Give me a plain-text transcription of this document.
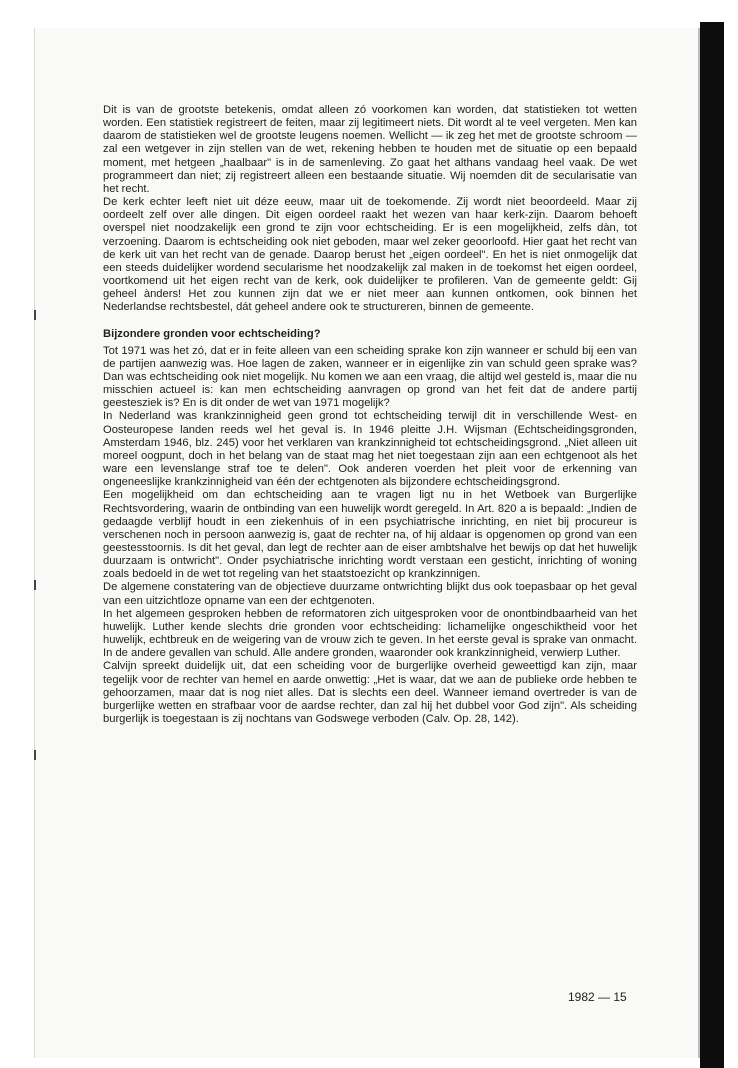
Dit is van de grootste betekenis, omdat alleen zó voorkomen kan worden, dat statistieken tot wetten worden. Een statistiek registreert de feiten, maar zij legitimeert niets. Dit wordt al te veel vergeten. Men kan daarom de statistieken wel de grootste leugens noemen. Wellicht — ik zeg het met de grootste schroom — zal een wetgever in zijn stellen van de wet, rekening hebben te houden met de situatie op een bepaald moment, met hetgeen „haalbaar" is in de samenleving. Zo gaat het althans vandaag heel vaak. De wet programmeert dan niet; zij registreert alleen een bestaande situatie. Wij noemden dit de secularisatie van het recht.

De kerk echter leeft niet uit déze eeuw, maar uit de toekomende. Zij wordt niet beoordeeld. Maar zij oordeelt zelf over alle dingen. Dit eigen oordeel raakt het wezen van haar kerk-zijn. Daarom behoeft overspel niet noodzakelijk een grond te zijn voor echtscheiding. Er is een mogelijkheid, zelfs dàn, tot verzoening. Daarom is echtscheiding ook niet geboden, maar wel zeker geoorloofd. Hier gaat het recht van de kerk uit van het recht van de genade. Daarop berust het „eigen oordeel". En het is niet onmogelijk dat een steeds duidelijker wordend secularisme het noodzakelijk zal maken in de toekomst het eigen oordeel, voortkomend uit het eigen recht van de kerk, ook duidelijker te profileren. Van de gemeente geldt: Gij geheel ànders! Het zou kunnen zijn dat we er niet meer aan kunnen ontkomen, ook binnen het Nederlandse rechtsbestel, dát geheel andere ook te structureren, binnen de gemeente.

Bijzondere gronden voor echtscheiding?

Tot 1971 was het zó, dat er in feite alleen van een scheiding sprake kon zijn wanneer er schuld bij een van de partijen aanwezig was. Hoe lagen de zaken, wanneer er in eigenlijke zin van schuld geen sprake was? Dan was echtscheiding ook niet mogelijk. Nu komen we aan een vraag, die altijd wel gesteld is, maar die nu misschien actueel is: kan men echtscheiding aanvragen op grond van het feit dat de andere partij geestesziek is? En is dit onder de wet van 1971 mogelijk?

In Nederland was krankzinnigheid geen grond tot echtscheiding terwijl dit in verschillende West- en Oosteuropese landen reeds wel het geval is. In 1946 pleitte J.H. Wijsman (Echtscheidingsgronden, Amsterdam 1946, blz. 245) voor het verklaren van krankzinnigheid tot echtscheidingsgrond. „Niet alleen uit moreel oogpunt, doch in het belang van de staat mag het niet toegestaan zijn aan een echtgenoot als het ware een levenslange straf toe te delen". Ook anderen voerden het pleit voor de erkenning van ongeneeslijke krankzinnigheid van één der echtgenoten als bijzondere echtscheidingsgrond.

Een mogelijkheid om dan echtscheiding aan te vragen ligt nu in het Wetboek van Burgerlijke Rechtsvordering, waarin de ontbinding van een huwelijk wordt geregeld. In Art. 820 a is bepaald: „Indien de gedaagde verblijf houdt in een ziekenhuis of in een psychiatrische inrichting, en niet bij procureur is verschenen noch in persoon aanwezig is, gaat de rechter na, of hij aldaar is opgenomen op grond van een geestesstoornis. Is dit het geval, dan legt de rechter aan de eiser ambtshalve het bewijs op dat het huwelijk duurzaam is ontwricht". Onder psychiatrische inrichting wordt verstaan een gesticht, inrichting of woning zoals bedoeld in de wet tot regeling van het staatstoezicht op krankzinnigen.

De algemene constatering van de objectieve duurzame ontwrichting blijkt dus ook toepasbaar op het geval van een uitzichtloze opname van een der echtgenoten.

In het algemeen gesproken hebben de reformatoren zich uitgesproken voor de onontbindbaarheid van het huwelijk. Luther kende slechts drie gronden voor echtscheiding: lichamelijke ongeschiktheid voor het huwelijk, echtbreuk en de weigering van de vrouw zich te geven. In het eerste geval is sprake van onmacht. In de andere gevallen van schuld. Alle andere gronden, waaronder ook krankzinnigheid, verwierp Luther.

Calvijn spreekt duidelijk uit, dat een scheiding voor de burgerlijke overheid geweettigd kan zijn, maar tegelijk voor de rechter van hemel en aarde onwettig: „Het is waar, dat we aan de publieke orde hebben te gehoorzamen, maar dat is nog niet alles. Dat is slechts een deel. Wanneer iemand overtreder is van de burgerlijke wetten en strafbaar voor de aardse rechter, dan zal hij het dubbel voor God zijn". Als scheiding burgerlijk is toegestaan is zij nochtans van Godswege verboden (Calv. Op. 28, 142).

1982 — 15
